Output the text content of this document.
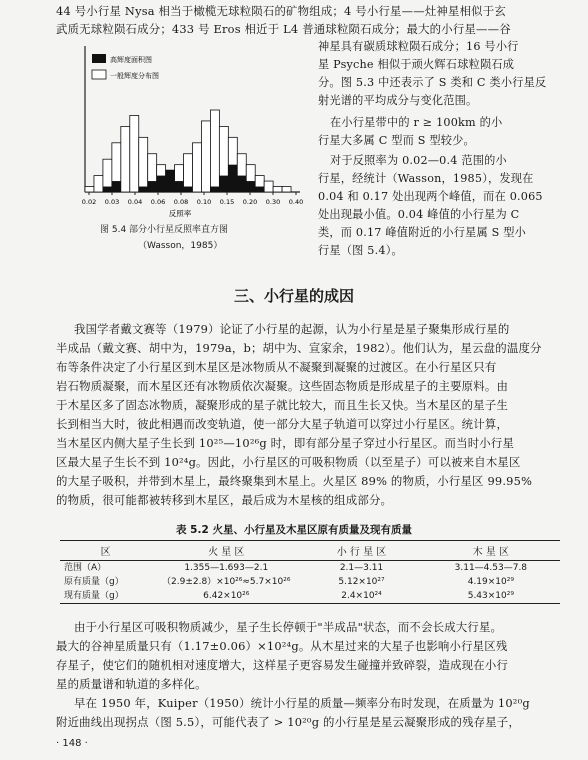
44 号小行星 Nysa 相当于橄榄无球粒陨石的矿物组成；4 号小行星——灶神星相似于玄
武质无球粒陨石成分；433 号 Eros 相近于 L4 普通球粒陨石成分；最大的小行星——谷
高辉度面积图
一般辉度分布图
0.02 0.03 0.04 0.06 0.08 0.10 0.15 0.20 0.30 0.40
反照率
图 5.4 部分小行星反照率直方图
（Wasson，1985）
神星具有碳质球粒陨石成分；16 号小行
星 Psyche 相似于顽火辉石球粒陨石成
分。图 5.3 中还表示了 S 类和 C 类小行星反
射光谱的平均成分与变化范围。
在小行星带中的 r ≥ 100km 的小
行星大多属 C 型而 S 型较少。
对于反照率为 0.02—0.4 范围的小
行星，经统计（Wasson，1985），发现在
0.04 和 0.17 处出现两个峰值，而在 0.065
处出现最小值。0.04 峰值的小行星为 C
类，而 0.17 峰值附近的小行星属 S 型小
行星（图 5.4）。
三、小行星的成因
我国学者戴文赛等（1979）论证了小行星的起源，认为小行星是星子聚集形成行星的
半成品（戴文赛、胡中为，1979a，b；胡中为、宣家余，1982）。他们认为，星云盘的温度分
布等条件决定了小行星区到木星区是冰物质从不凝聚到凝聚的过渡区。在小行星区只有
岩石物质凝聚，而木星区还有冰物质依次凝聚。这些固态物质是形成星子的主要原料。由
于木星区多了固态冰物质，凝聚形成的星子就比较大，而且生长又快。当木星区的星子生
长到相当大时，彼此相遇而改变轨道，使一部分大星子轨道可以穿过小行星区。统计算，
当木星区内侧大星子生长到 10²⁵—10²⁶g 时，即有部分星子穿过小行星区。而当时小行星
区最大星子生长不到 10²⁴g。因此，小行星区的可吸积物质（以至星子）可以被来自木星区
的大星子吸积，并带到木星上，最终聚集到木星上。火星区 89% 的物质，小行星区 99.95%
的物质，很可能都被转移到木星区，最后成为木星核的组成部分。
表 5.2 火星、小行星及木星区原有质量及现有质量
区	火 星 区	小 行 星 区	木 星 区
范围（A）	1.355—1.693—2.1	2.1—3.11	3.11—4.53—7.8
原有质量（g）	（2.9±2.8）×10²⁶≈5.7×10²⁶	5.12×10²⁷	4.19×10²⁹
现有质量（g）	6.42×10²⁶	2.4×10²⁴	5.43×10²⁹
由于小行星区可吸积物质减少，星子生长停顿于"半成品"状态，而不会长成大行星。
最大的谷神星质量只有（1.17±0.06）×10²⁴g。从木星过来的大星子也影响小行星区残
存星子，使它们的随机相对速度增大，这样星子更容易发生碰撞并致碎裂，造成现在小行
星的质量谱和轨道的多样化。
早在 1950 年，Kuiper（1950）统计小行星的质量—频率分布时发现，在质量为 10²⁰g
附近曲线出现拐点（图 5.5），可能代表了 > 10²⁰g 的小行星是星云凝聚形成的残存星子，
· 148 ·
